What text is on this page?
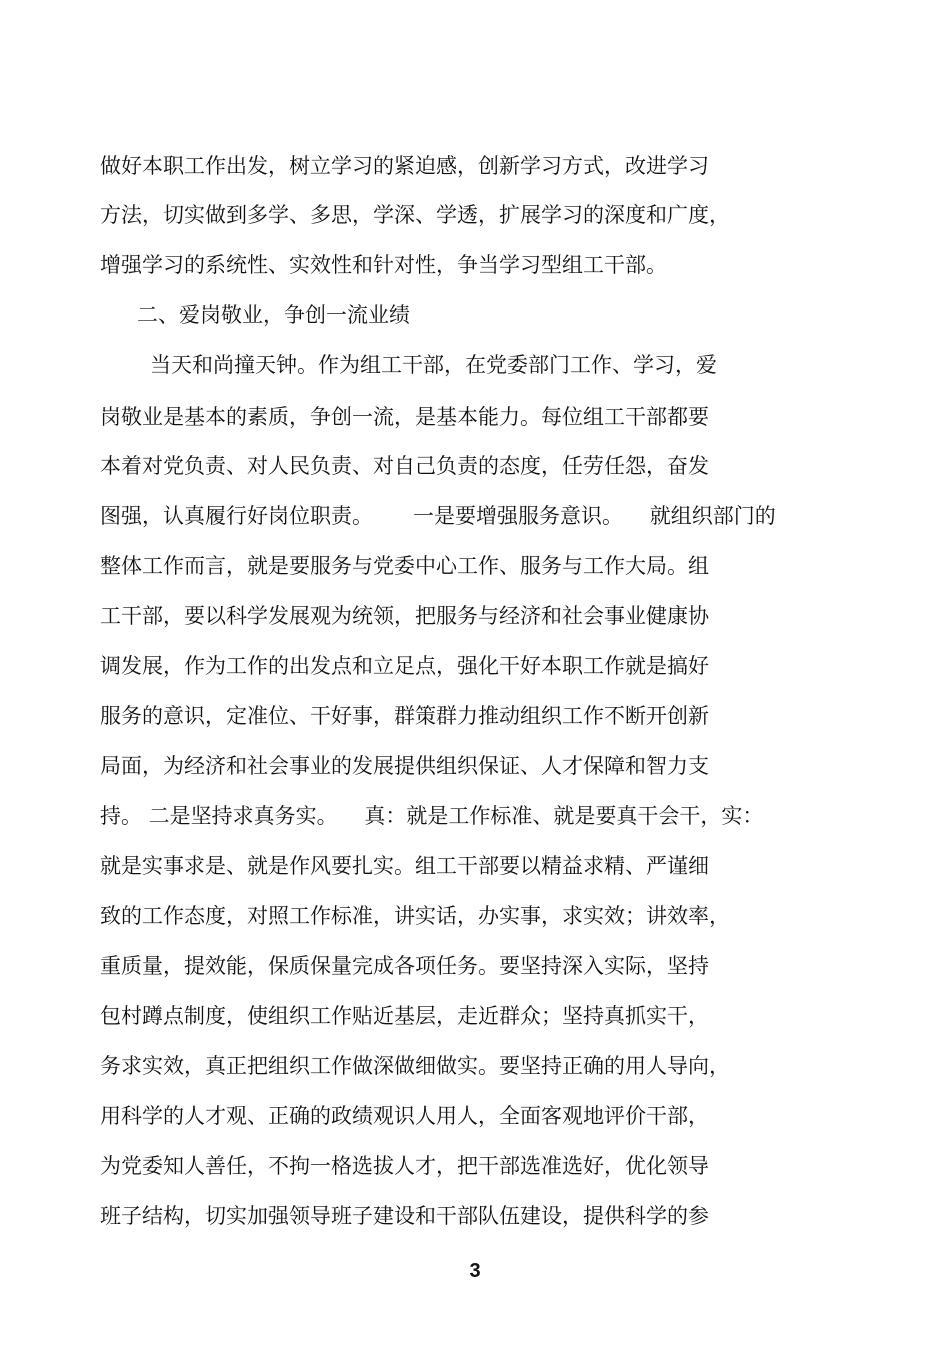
做好本职工作出发，树立学习的紧迫感，创新学习方式，改进学习
方法，切实做到多学、多思，学深、学透，扩展学习的深度和广度，
增强学习的系统性、实效性和针对性，争当学习型组工干部。
二、爱岗敬业，争创一流业绩
当天和尚撞天钟。作为组工干部，在党委部门工作、学习，爱
岗敬业是基本的素质，争创一流，是基本能力。每位组工干部都要
本着对党负责、对人民负责、对自己负责的态度，任劳任怨，奋发
图强，认真履行好岗位职责。      一是要增强服务意识。    就组织部门的
整体工作而言，就是要服务与党委中心工作、服务与工作大局。组
工干部，要以科学发展观为统领，把服务与经济和社会事业健康协
调发展，作为工作的出发点和立足点，强化干好本职工作就是搞好
服务的意识，定准位、干好事，群策群力推动组织工作不断开创新
局面，为经济和社会事业的发展提供组织保证、人才保障和智力支
持。 二是坚持求真务实。    真：就是工作标准、就是要真干会干，实：
就是实事求是、就是作风要扎实。组工干部要以精益求精、严谨细
致的工作态度，对照工作标准，讲实话，办实事，求实效；讲效率，
重质量，提效能，保质保量完成各项任务。要坚持深入实际，坚持
包村蹲点制度，使组织工作贴近基层，走近群众；坚持真抓实干，
务求实效，真正把组织工作做深做细做实。要坚持正确的用人导向，
用科学的人才观、正确的政绩观识人用人，全面客观地评价干部，
为党委知人善任，不拘一格选拔人才，把干部选准选好，优化领导
班子结构，切实加强领导班子建设和干部队伍建设，提供科学的参
3
